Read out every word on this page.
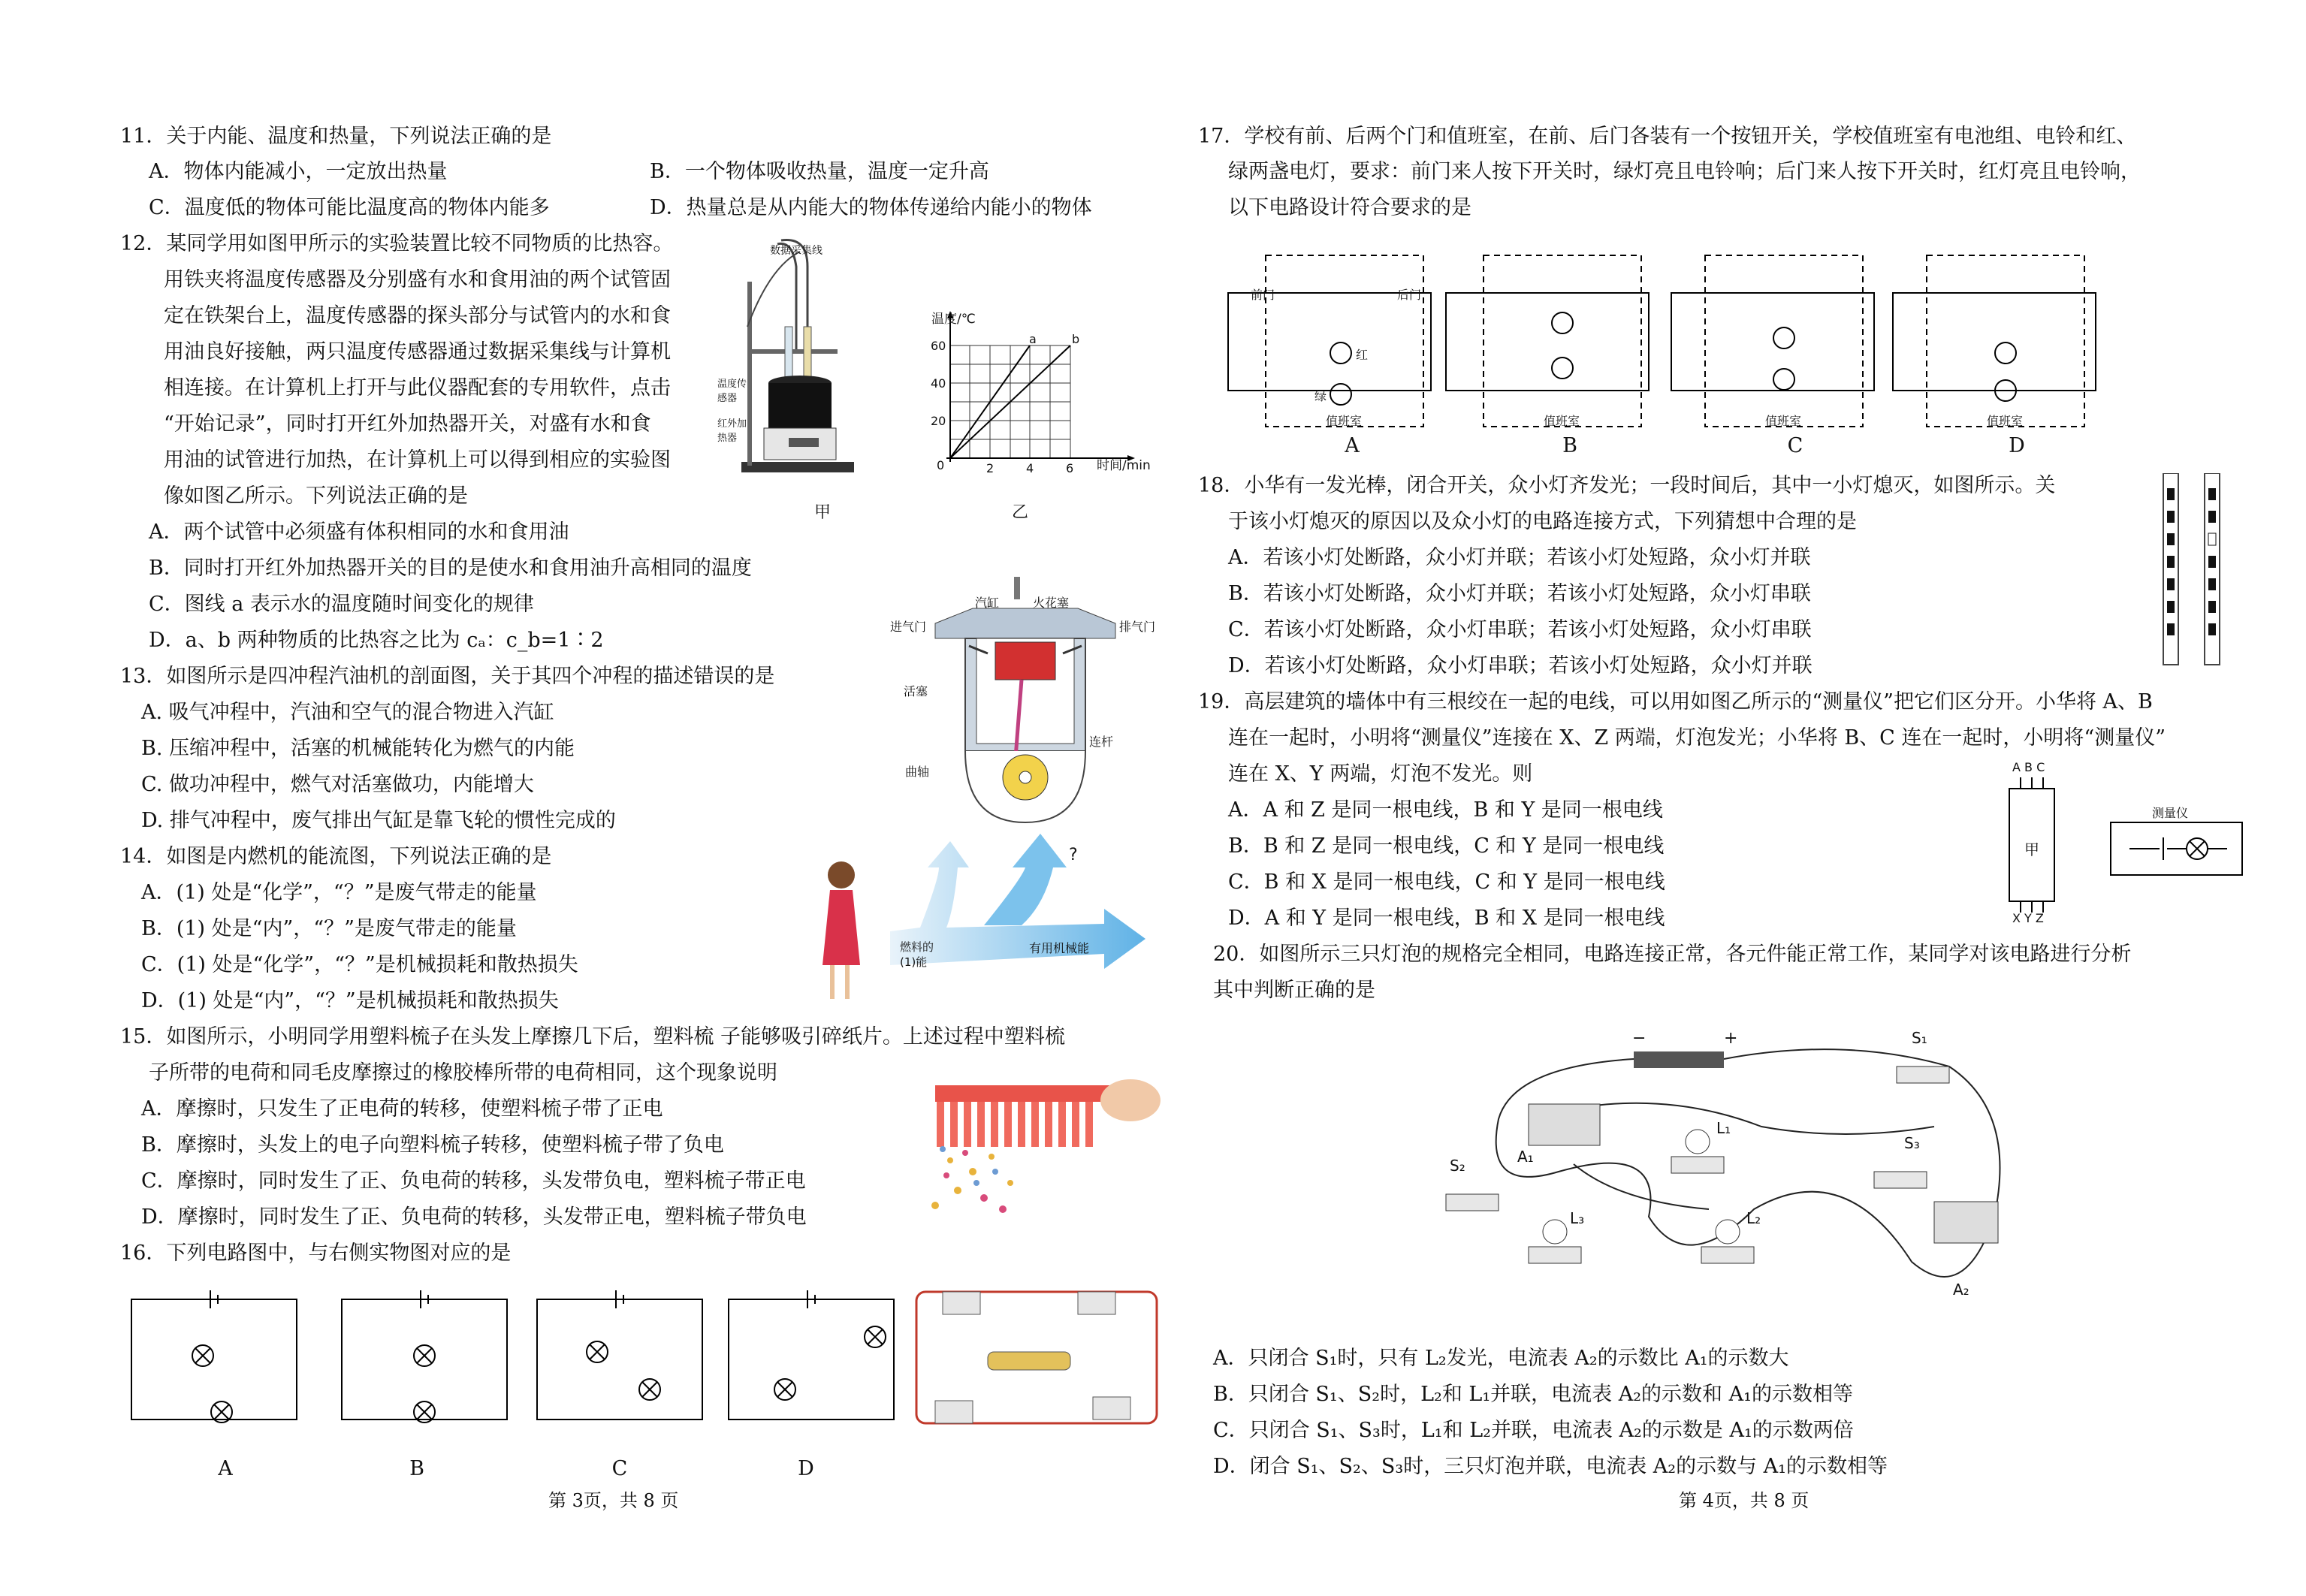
11．关于内能、温度和热量，下列说法正确的是
A．物体内能减小，一定放出热量	B．一个物体吸收热量，温度一定升高
C．温度低的物体可能比温度高的物体内能多	D．热量总是从内能大的物体传递给内能小的物体
12．某同学用如图甲所示的实验装置比较不同物质的比热容。
用铁夹将温度传感器及分别盛有水和食用油的两个试管固
定在铁架台上，温度传感器的探头部分与试管内的水和食
用油良好接触，两只温度传感器通过数据采集线与计算机
相连接。在计算机上打开与此仪器配套的专用软件，点击
“开始记录”，同时打开红外加热器开关，对盛有水和食
用油的试管进行加热，在计算机上可以得到相应的实验图
像如图乙所示。下列说法正确的是
A．两个试管中必须盛有体积相同的水和食用油
B．同时打开红外加热器开关的目的是使水和食用油升高相同的温度
C．图线 a 表示水的温度随时间变化的规律
D．a、b 两种物质的比热容之比为 cₐ：c_b=1∶2
数据采集线
温度传感器
红外加热器
甲
温度/℃
时间/min
60
40
20
0	2	4	6
a	b
乙
13．如图所示是四冲程汽油机的剖面图，关于其四个冲程的描述错误的是
A. 吸气冲程中，汽油和空气的混合物进入汽缸
B. 压缩冲程中，活塞的机械能转化为燃气的内能
C. 做功冲程中，燃气对活塞做功，内能增大
D. 排气冲程中，废气排出气缸是靠飞轮的惯性完成的
汽缸	火花塞
进气门	排气门
活塞
连杆
曲轴
14．如图是内燃机的能流图，下列说法正确的是
A．(1) 处是“化学”，“？”是废气带走的能量
B．(1) 处是“内”，“？”是废气带走的能量
C．(1) 处是“化学”，“？”是机械损耗和散热损失
D．(1) 处是“内”，“？”是机械损耗和散热损失
燃料的
(1)能
有用机械能
?
15．如图所示，小明同学用塑料梳子在头发上摩擦几下后，塑料梳 子能够吸引碎纸片。上述过程中塑料梳
子所带的电荷和同毛皮摩擦过的橡胶棒所带的电荷相同，这个现象说明
A．摩擦时，只发生了正电荷的转移，使塑料梳子带了正电
B．摩擦时，头发上的电子向塑料梳子转移，使塑料梳子带了负电
C．摩擦时，同时发生了正、负电荷的转移，头发带负电，塑料梳子带正电
D．摩擦时，同时发生了正、负电荷的转移，头发带正电，塑料梳子带负电
16．下列电路图中，与右侧实物图对应的是
A	B	C	D
第 3页，共 8 页
17．学校有前、后两个门和值班室，在前、后门各装有一个按钮开关，学校值班室有电池组、电铃和红、
绿两盏电灯，要求：前门来人按下开关时，绿灯亮且电铃响；后门来人按下开关时，红灯亮且电铃响，
以下电路设计符合要求的是
前门	后门
红
绿
值班室	值班室	值班室	值班室
A	B	C	D
18．小华有一发光棒，闭合开关，众小灯齐发光；一段时间后，其中一小灯熄灭，如图所示。关
于该小灯熄灭的原因以及众小灯的电路连接方式，下列猜想中合理的是
A．若该小灯处断路，众小灯并联；若该小灯处短路，众小灯并联
B．若该小灯处断路，众小灯并联；若该小灯处短路，众小灯串联
C．若该小灯处断路，众小灯串联；若该小灯处短路，众小灯串联
D．若该小灯处断路，众小灯串联；若该小灯处短路，众小灯并联
19．高层建筑的墙体中有三根绞在一起的电线，可以用如图乙所示的“测量仪”把它们区分开。小华将 A、B
连在一起时，小明将“测量仪”连接在 X、Z 两端，灯泡发光；小华将 B、C 连在一起时，小明将“测量仪”
连在 X、Y 两端，灯泡不发光。则
A．A 和 Z 是同一根电线，B 和 Y 是同一根电线
B．B 和 Z 是同一根电线，C 和 Y 是同一根电线
C．B 和 X 是同一根电线，C 和 Y 是同一根电线
D．A 和 Y 是同一根电线，B 和 X 是同一根电线
A B C
X Y Z
甲
测量仪
20．如图所示三只灯泡的规格完全相同，电路连接正常，各元件能正常工作，某同学对该电路进行分析
其中判断正确的是
−	+	S₁
S₂
S₃
L₁
L₂
L₃
A₁
A₂
A．只闭合 S₁时，只有 L₂发光，电流表 A₂的示数比 A₁的示数大
B．只闭合 S₁、S₂时，L₂和 L₁并联，电流表 A₂的示数和 A₁的示数相等
C．只闭合 S₁、S₃时，L₁和 L₂并联，电流表 A₂的示数是 A₁的示数两倍
D．闭合 S₁、S₂、S₃时，三只灯泡并联，电流表 A₂的示数与 A₁的示数相等
第 4页，共 8 页
